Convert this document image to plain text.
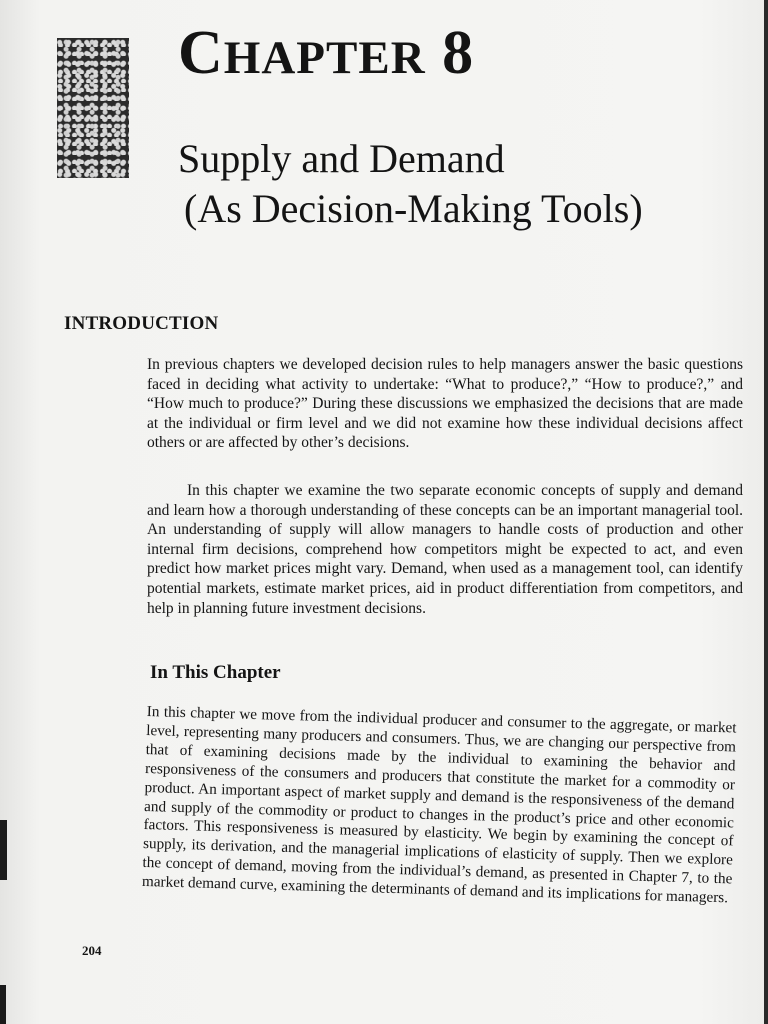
CHAPTER 8
Supply and Demand
(As Decision-Making Tools)
INTRODUCTION
In previous chapters we developed decision rules to help managers answer the basic questions faced in deciding what activity to undertake: “What to produce?,” “How to produce?,” and “How much to produce?” During these discussions we emphasized the decisions that are made at the individual or firm level and we did not examine how these individual decisions affect others or are affected by other’s decisions.
In this chapter we examine the two separate economic concepts of supply and demand and learn how a thorough understanding of these concepts can be an important managerial tool. An understanding of supply will allow managers to handle costs of production and other internal firm decisions, comprehend how competitors might be expected to act, and even predict how market prices might vary. Demand, when used as a management tool, can identify potential markets, estimate market prices, aid in product differentiation from competitors, and help in planning future investment decisions.
In This Chapter
In this chapter we move from the individual producer and consumer to the aggregate, or market level, representing many producers and consumers. Thus, we are changing our perspective from that of examining decisions made by the individual to examining the behavior and responsiveness of the consumers and producers that constitute the market for a commodity or product. An important aspect of market supply and demand is the responsiveness of the demand and supply of the commodity or product to changes in the product’s price and other economic factors. This responsiveness is measured by elasticity. We begin by examining the concept of supply, its derivation, and the managerial implications of elasticity of supply. Then we explore the concept of demand, moving from the individual’s demand, as presented in Chapter 7, to the market demand curve, examining the determinants of demand and its implications for managers.
204
